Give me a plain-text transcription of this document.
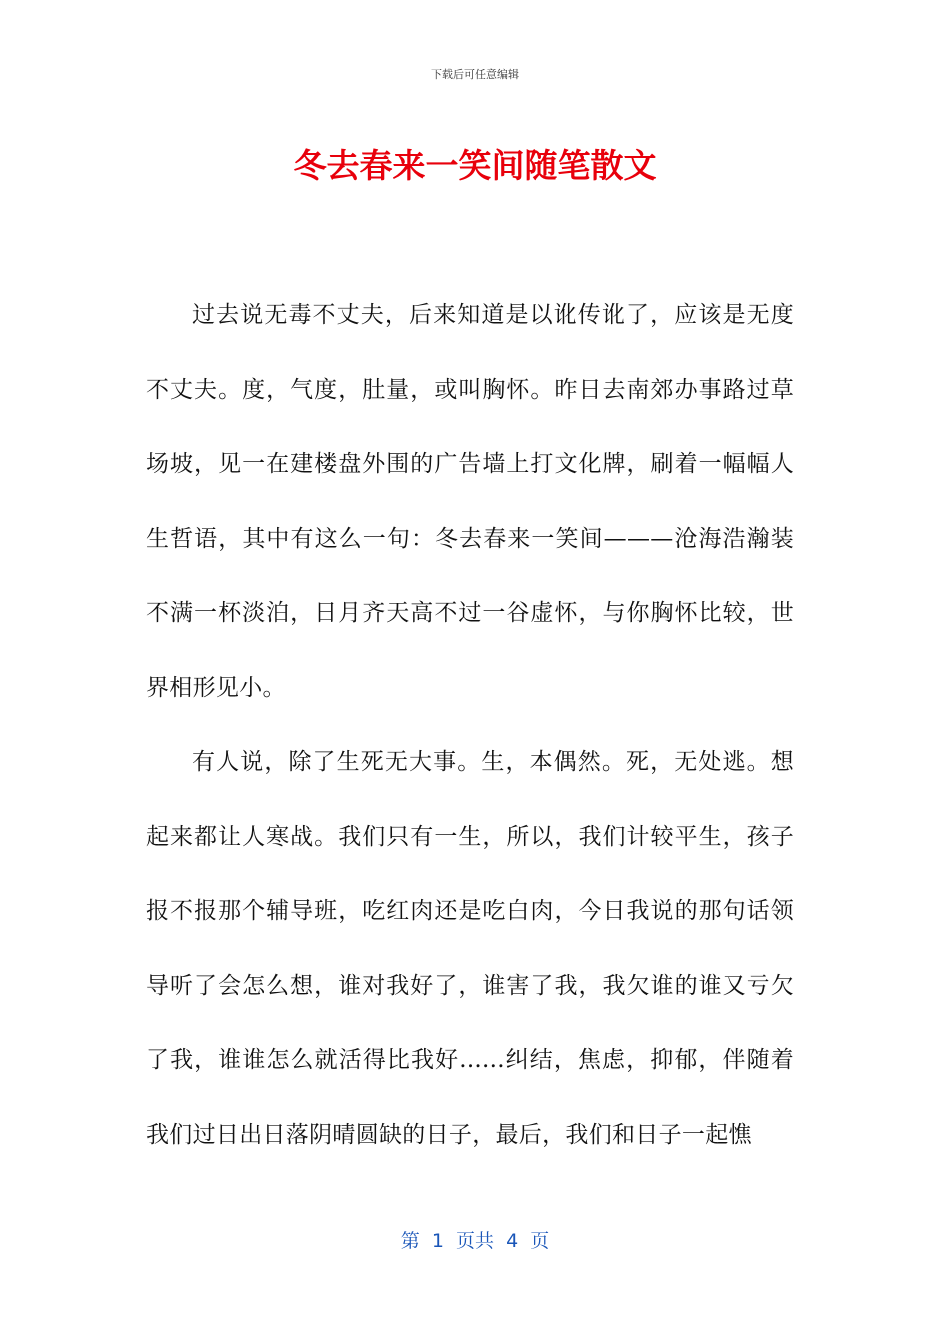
下载后可任意编辑
冬去春来一笑间随笔散文

过去说无毒不丈夫，后来知道是以讹传讹了，应该是无度不丈夫。度，气度，肚量，或叫胸怀。昨日去南郊办事路过草场坡，见一在建楼盘外围的广告墙上打文化牌，刷着一幅幅人生哲语，其中有这么一句：冬去春来一笑间———沧海浩瀚装不满一杯淡泊，日月齐天高不过一谷虚怀，与你胸怀比较，世界相形见小。

有人说，除了生死无大事。生，本偶然。死，无处逃。想起来都让人寒战。我们只有一生，所以，我们计较平生，孩子报不报那个辅导班，吃红肉还是吃白肉，今日我说的那句话领导听了会怎么想，谁对我好了，谁害了我，我欠谁的谁又亏欠了我，谁谁怎么就活得比我好......纠结，焦虑，抑郁，伴随着我们过日出日落阴晴圆缺的日子，最后，我们和日子一起憔

第  1  页共  4  页
